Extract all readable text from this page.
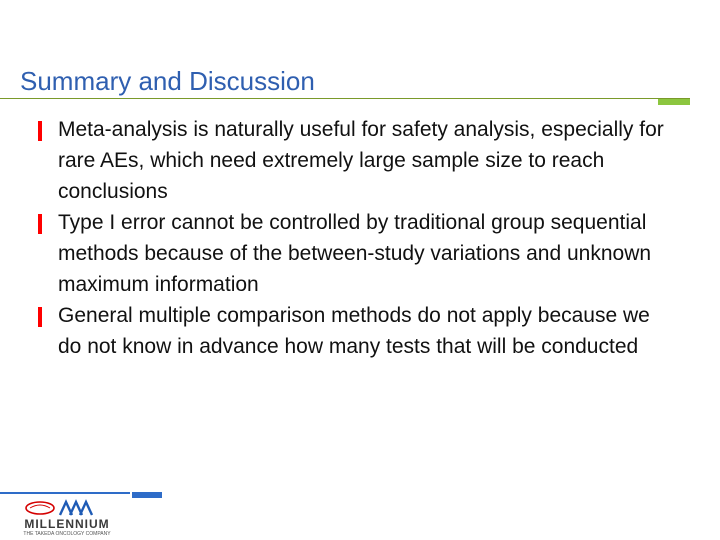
Summary and Discussion
Meta-analysis is naturally useful for safety analysis, especially for rare AEs, which need extremely large sample size to reach conclusions
Type I error cannot be controlled by traditional group sequential methods because of the between-study variations and unknown maximum information
General multiple comparison methods do not apply because we do not know in advance how many tests that will be conducted
MILLENNIUM
THE TAKEDA ONCOLOGY COMPANY
